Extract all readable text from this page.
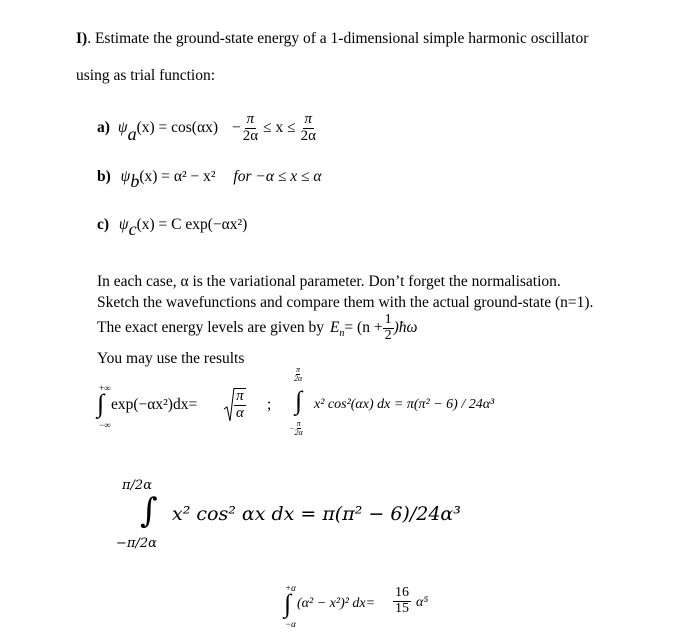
I). Estimate the ground-state energy of a 1-dimensional simple harmonic oscillator
using as trial function:
a) ψ a $(x) = \cos(\alpha x) - \frac{\pi}{2\alpha} \le x \le \frac{\pi}{2\alpha}$
b) ψb(x) = α² − x² for −α ≤ x ≤ α
c) ψc(x) = C exp(−αx²)
In each case, α is the variational parameter. Don’t forget the normalisation.
Sketch the wavefunctions and compare them with the actual ground-state (n=1).
The exact energy levels are given by E $n = (n + \frac{1}{2}$ )ħω
You may use the results
+∞
∫
−∞
$\exp(-\alpha x^2)dx= \frac{\pi}{\alpha}$ ;
$\frac{\pi}{2\alpha}$
∫
− $\frac{\pi}{2\alpha}$
x² cos²(αx) dx = π(π² − 6) / 24α³
π/2α
∫
−π/2α
x² cos² αx dx = π(π² − 6)/24α³
+α
∫
−α
(α² − x²)² $dx= \frac{16}{15} \alpha^5$
